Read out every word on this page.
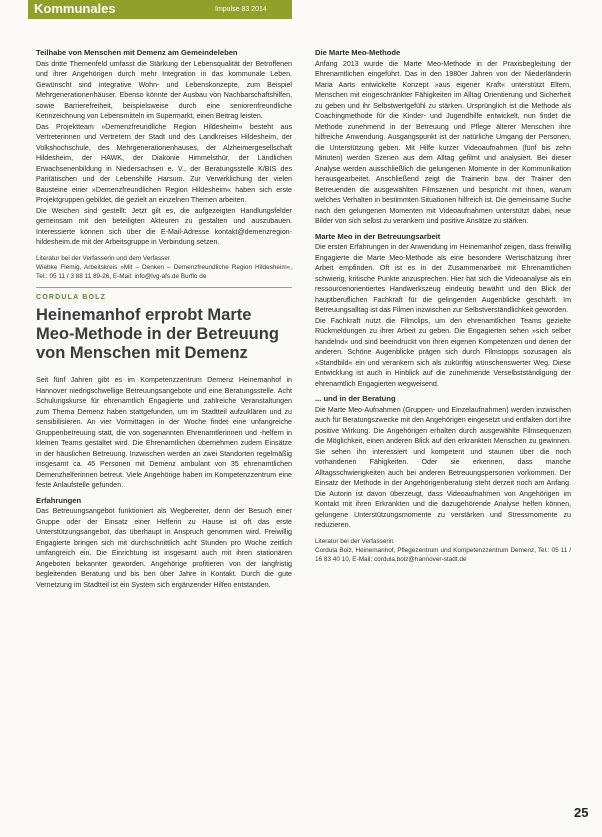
Kommunales	Impulse 83 2014

Teilhabe von Menschen mit Demenz am Gemeindeleben

Das dritte Themenfeld umfasst die Stärkung der Lebensqualität der Betroffenen und ihrer Angehörigen durch mehr Integration in das kommunale Leben. Gewünscht sind integrative Wohn- und Lebenskonzepte, zum Beispiel Mehrgenerationenhäuser. Ebenso könnte der Ausbau von Nachbarschaftshilfen, sowie Barrierefreiheit, beispielsweise durch eine seniorenfreundliche Kennzeichnung von Lebensmitteln im Supermarkt, einen Beitrag leisten.

Das Projektteam »Demenzfreundliche Region Hildesheim« besteht aus Vertreterinnen und Vertretern der Stadt und des Landkreises Hildesheim, der Volkshochschule, des Mehrgenerationenhauses, der Alzheimergesellschaft Hildesheim, der HAWK, der Diakonie Himmelsthür, der Ländlichen Erwachsenenbildung in Niedersachsen e. V., der Beratungsstelle K/BIS des Paritätischen und der Lebenshilfe Harsum. Zur Verwirklichung der vielen Bausteine einer »Demenzfreundlichen Region Hildesheim« haben sich erste Projektgruppen gebildet, die gezielt an einzelnen Themen arbeiten.

Die Weichen sind gestellt: Jetzt gilt es, die aufgezeigten Handlungsfelder gemeinsam mit den beteiligten Akteuren zu gestalten und auszubauen. Interessierte können sich über die E-Mail-Adresse kontakt@demenzregion-hildesheim.de mit der Arbeitsgruppe in Verbindung setzen.

Literatur bei der Verfasserin und dem Verfasser
Wiebke Flemig, Arbeitskreis »Mit – Denken – Demenzfreundliche Region Hildesheim«, Tel.: 05 11 / 3 88 11 89-26, E-Mail: info@lvg-afs.de Burflo de
CORDULA BOLZ
Heinemanhof erprobt Marte Meo-Methode in der Betreuung von Menschen mit Demenz

Seit fünf Jahren gibt es im Kompetenzzentrum Demenz Heinemanhof in Hannover niedrigschwellige Betreuungsangebote und eine Beratungsstelle. Acht Schulungskurse für ehrenamtlich Engagierte und zahlreiche Veranstaltungen zum Thema Demenz haben stattgefunden, um im Stadtteil aufzuklären und zu sensibilisieren. An vier Vormittagen in der Woche findet eine unfangreiche Gruppenbetreuung statt, die von sogenannten Ehrenamtlerinnen und -helfern in kleinen Teams gestaltet wird. Die Ehrenamtlichen übernehmen zudem Einsätze in der häuslichen Betreuung. Inzwischen werden an zwei Standorten regelmäßig insgesamt ca. 45 Personen mit Demenz ambulant von 35 ehrenamtlichen Demenzhelferinnen betreut. Viele Angehörige haben im Kompetenzzentrum eine feste Anlaufstelle gefunden.

Erfahrungen

Das Betreuungsangebot funktioniert als Wegbereiter, denn der Besuch einer Gruppe oder der Einsatz einer Helferin zu Hause ist oft das erste Unterstützungsangebot, das überhaupt in Anspruch genommen wird. Freiwillig Engagierte bringen sich mit durchschnittlich acht Stunden pro Woche zeitlich umfangreich ein. Die Einrichtung ist insgesamt auch mit ihren stationären Angeboten bekannter geworden. Angehörige profitieren von der langfristig begleitenden Beratung und bis ben über Jahre in Kontakt. Durch die gute Vernetzung im Stadtteil ist ein System sich ergänzender Hilfen entstanden.

Die Marte Meo-Methode

Anfang 2013 wurde die Marte Meo-Methode in der Praxisbegleitung der Ehrenamtlichen eingeführt. Das in den 1980er Jahren von der Niederländerin Maria Aarts entwickelte Konzept »aus eigener Kraft« unterstützt Eltern, Menschen mit eingeschränkter Fähigkeiten im Alltag Orientierung und Sicherheit zu geben und ihr Selbstwertgefühl zu stärken. Ursprünglich ist die Methode als Coachingmethode für die Kinder- und Jugendhilfe entwickelt, nun findet die Methode zunehmend in der Betreuung und Pflege älterer Menschen ihre hilfreiche Anwendung. Ausgangspunkt ist der natürliche Umgang der Personen, die Unterstützung geben. Mit Hilfe kurzer Videoaufnahmen (fünf bis zehn Minuten) werden Szenen aus dem Alltag gefilmt und analysiert. Bei dieser Analyse werden ausschließlich die gelungenen Momente in der Kommunikation herausgearbeitet. Anschließend zeigt die Trainerin bzw. der Trainer den Betreuenden die ausgewählten Filmszenen und bespricht mit ihnen, warum welches Verhalten in bestimmten Situationen hilfreich ist. Die gemeinsame Suche nach den gelungenen Momenten mit Videoaufnahmen unterstützt dabei, neue Bilder von sich selbst zu verankern und positive Ansätze zu stärken.

Marte Meo in der Betreuungsarbeit

Die ersten Erfahrungen in der Anwendung im Heinemanhof zeigen, dass freiwillig Engagierte die Marte Meo-Methode als eine besondere Wertschätzung ihrer Arbeit empfinden. Oft ist es in der Zusammenarbeit mit Ehrenamtlichen schwierig, kritische Punkte anzusprechen. Hier hat sich die Videoanalyse als ein ressourcenorientiertes Handwerkszeug eindeutig bewährt und den Blick der hauptberuflichen Fachkraft für die gelingenden Augenblicke geschärft. Im Betreuungsalltag ist das Filmen inzwischen zur Selbstverständlichkeit geworden.

Die Fachkraft nutzt die Filmclips, um den ehrenamtlichen Teams gezielte Rückmeldungen zu ihrer Arbeit zu geben. Die Engagierten sehen »sich selber handelnd« und sind beeindruckt von ihren eigenen Kompetenzen und denen der anderen. Schöne Augenblicke prägen sich durch Filmstopps sozusagen als »Standbild« ein und verankern sich als zukünftig wünschenswerter Weg. Diese Entwicklung ist auch in Hinblick auf die zunehmende Verselbstständigung der ehrenamtlich Engagierten wegweisend.

... und in der Beratung

Die Marte Meo-Aufnahmen (Gruppen- und Einzelaufnahmen) werden inzwischen auch für Beratungszwecke mit den Angehörigen eingesetzt und entfalten dort ihre positive Wirkung. Die Angehörigen erhalten durch ausgewählte Filmsequenzen die Möglichkeit, einen anderen Blick auf den erkrankten Menschen zu gewinnen. Sie sehen ihn interessiert und kompetent und staunen über die noch vorhandenen Fähigkeiten. Oder sie erkennen, dass manche Alltagsschwierigkeiten auch bei anderen Betreuungspersonen vorkommen. Der Einsatz der Methode in der Angehörigenberatung steht derzeit noch am Anfang. Die Autorin ist davon überzeugt, dass Videoaufnahmen von Angehörigen im Kontakt mit ihren Erkrankten und die dazugehörende Analyse helfen können, gelungene Unterstützungsmomente zu verstärken und Stressmomente zu reduzieren.

Literatur bei der Verfasserin
Cordula Bolz, Heinemanhof, Pflegezentrum und Kompetenzzentrum Demenz, Tel.: 05 11 / 16 83 40 10, E-Mail: cordula.bolz@hannover-stadt.de
25
